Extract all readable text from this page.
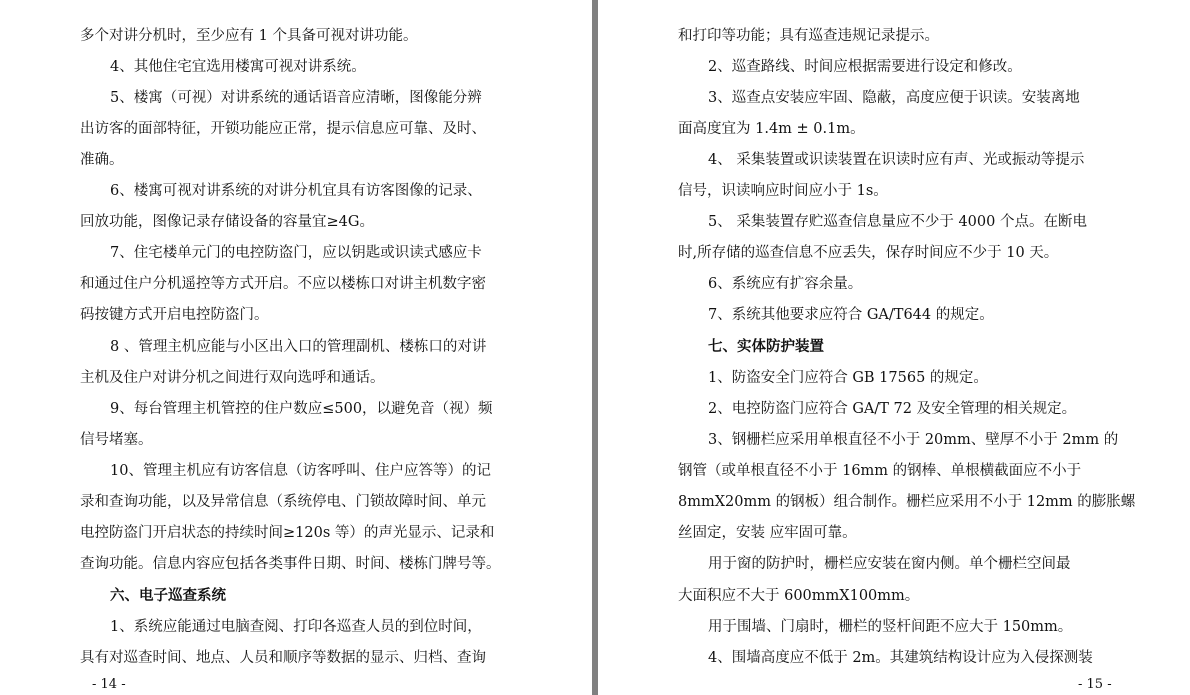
多个对讲分机时，至少应有 1 个具备可视对讲功能。
4、其他住宅宜选用楼寓可视对讲系统。
5、楼寓（可视）对讲系统的通话语音应清晰，图像能分辨
出访客的面部特征，开锁功能应正常，提示信息应可靠、及时、
准确。
6、楼寓可视对讲系统的对讲分机宜具有访客图像的记录、
回放功能，图像记录存储设备的容量宜≥4G。
7、住宅楼单元门的电控防盗门，应以钥匙或识读式感应卡
和通过住户分机遥控等方式开启。不应以楼栋口对讲主机数字密
码按键方式开启电控防盗门。
8 、管理主机应能与小区出入口的管理副机、楼栋口的对讲
主机及住户对讲分机之间进行双向选呼和通话。
9、每台管理主机管控的住户数应≤500，以避免音（视）频
信号堵塞。
10、管理主机应有访客信息（访客呼叫、住户应答等）的记
录和查询功能，以及异常信息（系统停电、门锁故障时间、单元
电控防盗门开启状态的持续时间≥120s 等）的声光显示、记录和
查询功能。信息内容应包括各类事件日期、时间、楼栋门牌号等。
六、电子巡查系统
1、系统应能通过电脑查阅、打印各巡查人员的到位时间，
具有对巡查时间、地点、人员和顺序等数据的显示、归档、查询
- 14 -
和打印等功能；具有巡查违规记录提示。
2、巡查路线、时间应根据需要进行设定和修改。
3、巡查点安装应牢固、隐蔽，高度应便于识读。安装离地
面高度宜为 1.4m ± 0.1m。
4、 采集装置或识读装置在识读时应有声、光或振动等提示
信号，识读响应时间应小于 1s。
5、 采集装置存贮巡查信息量应不少于 4000 个点。在断电
时,所存储的巡查信息不应丢失，保存时间应不少于 10 天。
6、系统应有扩容余量。
7、系统其他要求应符合 GA/T644 的规定。
七、实体防护装置
1、防盗安全门应符合 GB 17565 的规定。
2、电控防盗门应符合 GA/T 72 及安全管理的相关规定。
3、钢栅栏应采用单根直径不小于 20mm、壁厚不小于 2mm 的
钢管（或单根直径不小于 16mm 的钢棒、单根横截面应不小于
8mmX20mm 的钢板）组合制作。栅栏应采用不小于 12mm 的膨胀螺
丝固定，安装 应牢固可靠。
用于窗的防护时，栅栏应安装在窗内侧。单个栅栏空间最
大面积应不大于 600mmX100mm。
用于围墙、门扇时，栅栏的竖杆间距不应大于 150mm。
4、围墙高度应不低于 2m。其建筑结构设计应为入侵探测装
- 15 -
